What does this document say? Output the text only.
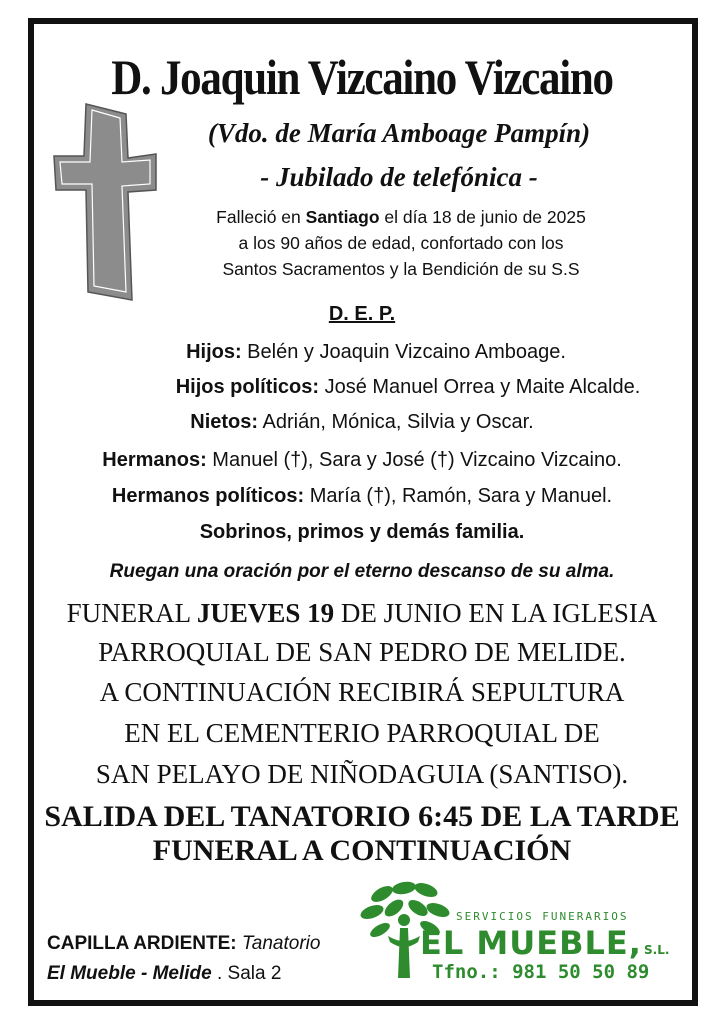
D. Joaquin Vizcaino Vizcaino
(Vdo. de María Amboage Pampín)
- Jubilado de telefónica -
Falleció en Santiago el día 18 de junio de 2025
a los 90 años de edad, confortado con los
Santos Sacramentos y la Bendición de su S.S
D. E. P.
Hijos: Belén y Joaquin Vizcaino Amboage.
Hijos políticos: José Manuel Orrea y Maite Alcalde.
Nietos: Adrián, Mónica, Silvia y Oscar.
Hermanos: Manuel (†), Sara y José (†) Vizcaino Vizcaino.
Hermanos políticos: María (†), Ramón, Sara y Manuel.
Sobrinos, primos y demás familia.
Ruegan una oración por el eterno descanso de su alma.
FUNERAL JUEVES 19 DE JUNIO EN LA IGLESIA
PARROQUIAL DE SAN PEDRO DE MELIDE.
A CONTINUACIÓN RECIBIRÁ SEPULTURA
EN EL CEMENTERIO PARROQUIAL DE
SAN PELAYO DE NIÑODAGUIA (SANTISO).
SALIDA DEL TANATORIO 6:45 DE LA TARDE
FUNERAL A CONTINUACIÓN
CAPILLA ARDIENTE: Tanatorio
El Mueble - Melide . Sala 2
SERVICIOS FUNERARIOS
EL MUEBLE, S.L.
Tfno.: 981 50 50 89
